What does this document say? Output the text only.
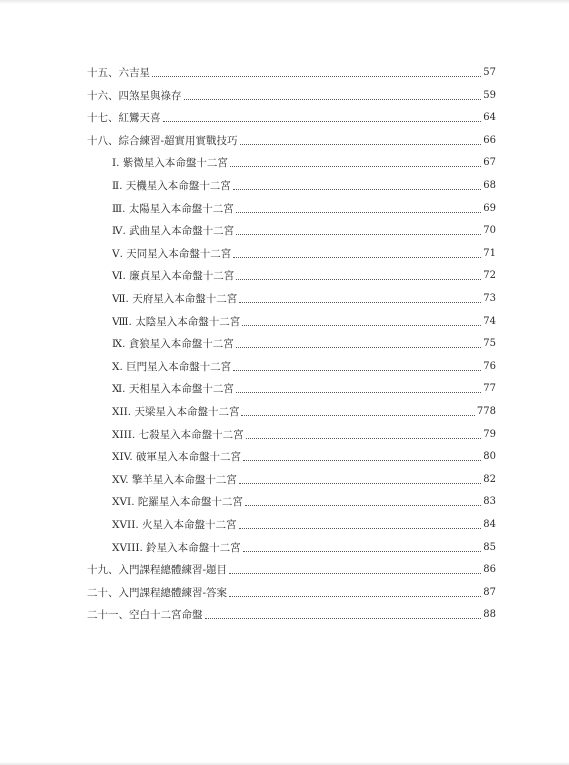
十五、六吉星	57
十六、四煞星與祿存	59
十七、紅鸞天喜	64
十八、綜合練習-超實用實戰技巧	66
Ⅰ. 紫微星入本命盤十二宮	67
Ⅱ. 天機星入本命盤十二宮	68
Ⅲ. 太陽星入本命盤十二宮	69
Ⅳ. 武曲星入本命盤十二宮	70
Ⅴ. 天同星入本命盤十二宮	71
Ⅵ. 廉貞星入本命盤十二宮	72
Ⅶ. 天府星入本命盤十二宮	73
Ⅷ. 太陰星入本命盤十二宮	74
Ⅸ. 貪狼星入本命盤十二宮	75
Ⅹ. 巨門星入本命盤十二宮	76
Ⅺ. 天相星入本命盤十二宮	77
XII. 天梁星入本命盤十二宮	778
XIII. 七殺星入本命盤十二宮	79
XIV. 破軍星入本命盤十二宮	80
XV. 擎羊星入本命盤十二宮	82
XVI. 陀羅星入本命盤十二宮	83
XVII. 火星入本命盤十二宮	84
XVIII. 鈴星入本命盤十二宮	85
十九、入門課程總體練習-題目	86
二十、入門課程總體練習-答案	87
二十一、空白十二宮命盤	88
